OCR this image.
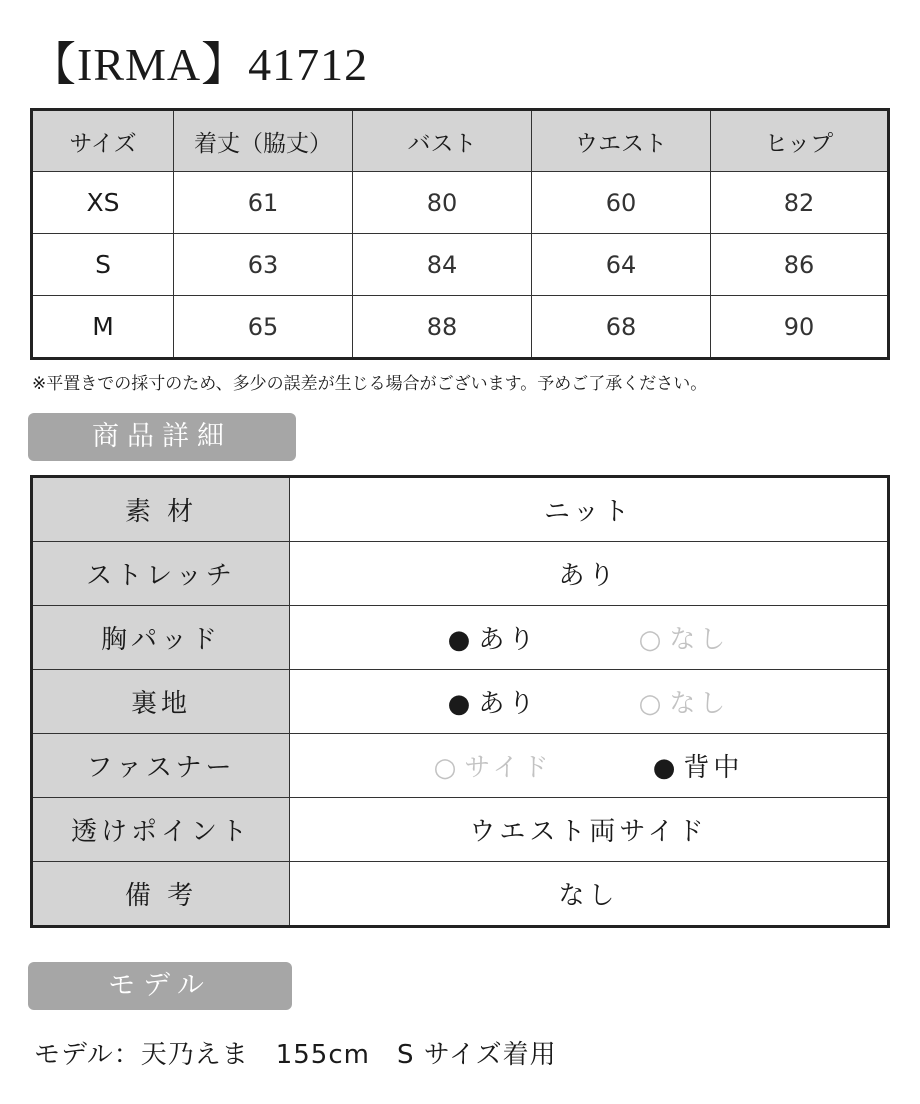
【IRMA】41712
サイズ	着丈（脇丈）	バスト	ウエスト	ヒップ
XS	61	80	60	82
S	63	84	64	86
M	65	88	68	90
※平置きでの採寸のため、多少の誤差が生じる場合がございます。予めご了承ください。
商品詳細
素 材	ニット
ストレッチ	あり
胸パッド	● あり ○ なし
裏地	● あり ○ なし
ファスナー	○ サイド ● 背中
透けポイント	ウエスト両サイド
備 考	なし
モデル
モデル：天乃えま　155cm　S サイズ着用
